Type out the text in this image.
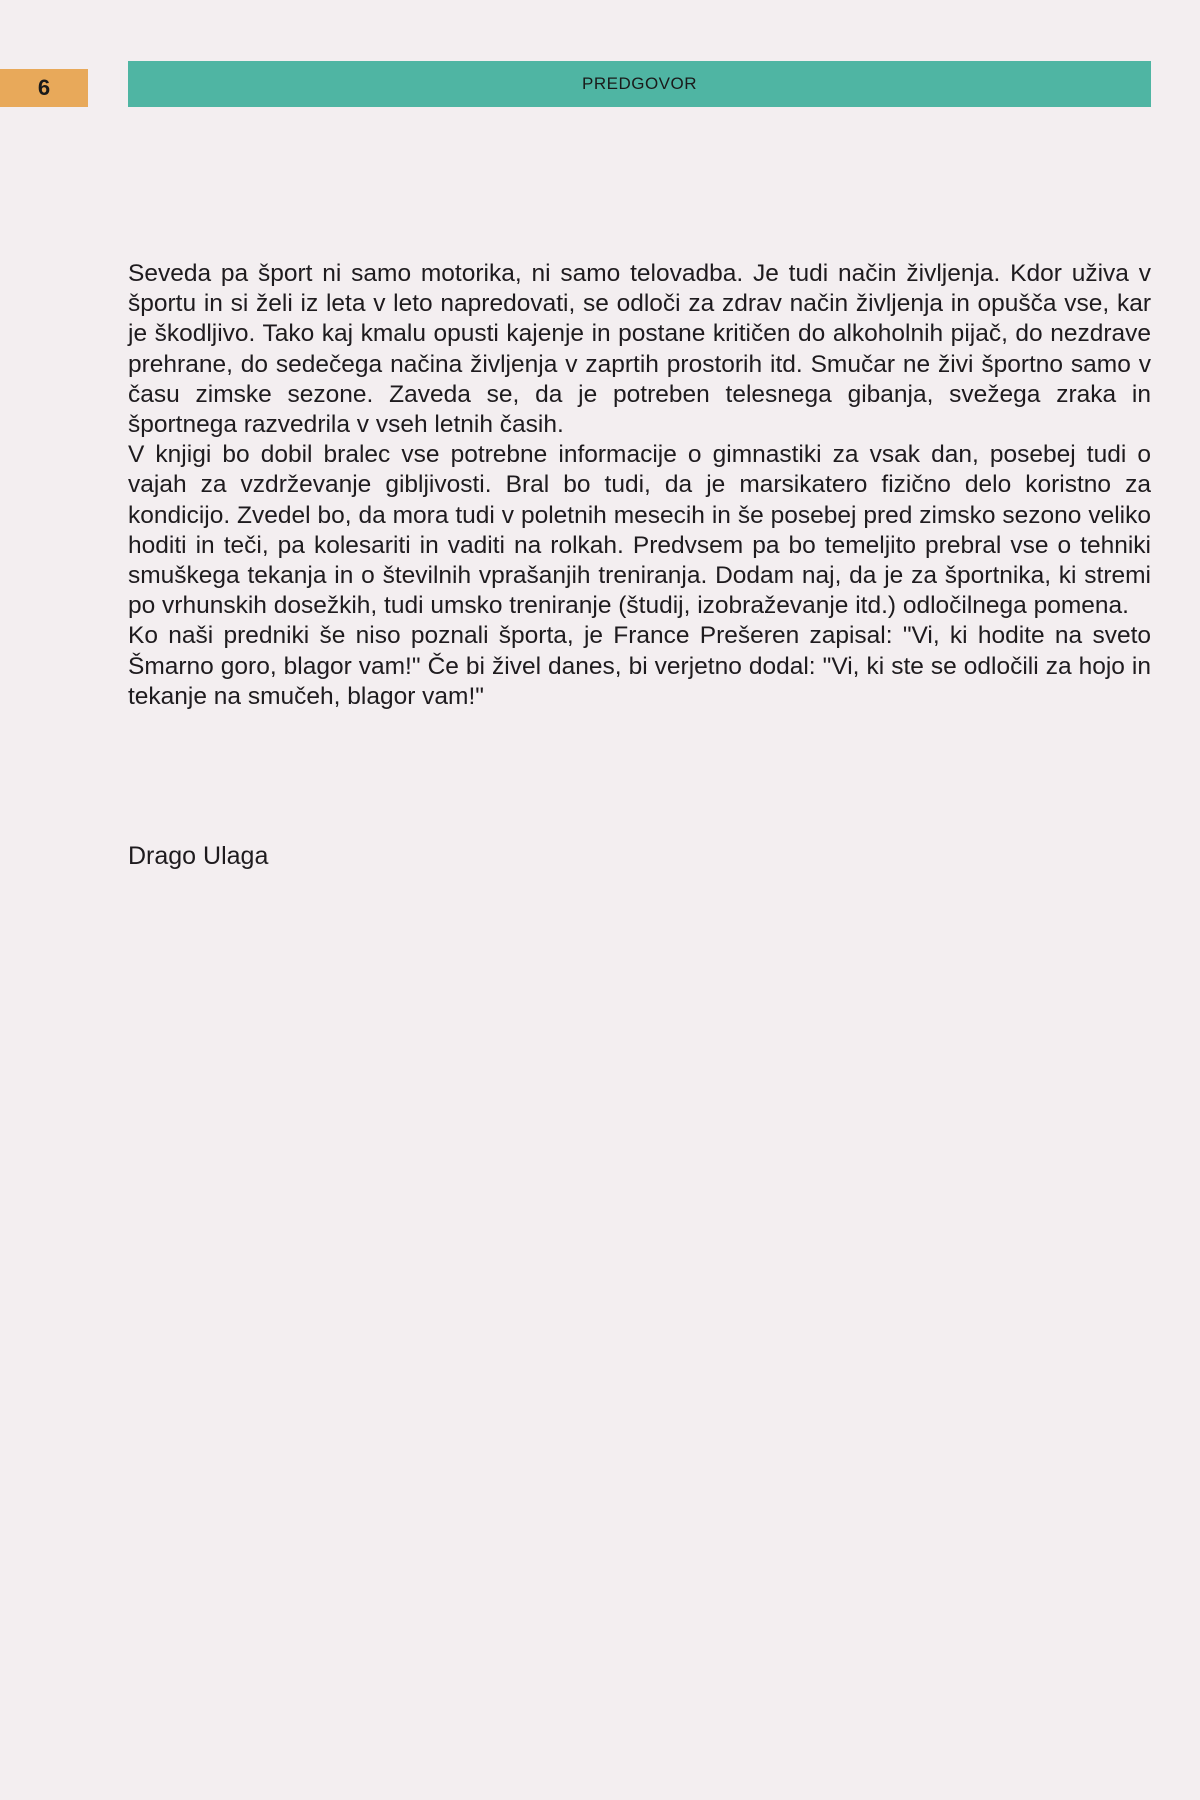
6	PREDGOVOR

Seveda pa šport ni samo motorika, ni samo telovadba. Je tudi način življenja. Kdor uživa v športu in si želi iz leta v leto napredovati, se odloči za zdrav način življenja in opušča vse, kar je škodljivo. Tako kaj kmalu opusti kajenje in postane kritičen do alkoholnih pijač, do nezdrave prehrane, do sedečega načina življenja v zaprtih prostorih itd. Smučar ne živi športno samo v času zimske sezone. Zaveda se, da je potreben telesnega gibanja, svežega zraka in športnega razvedrila v vseh letnih časih.

V knjigi bo dobil bralec vse potrebne informacije o gimnastiki za vsak dan, posebej tudi o vajah za vzdrževanje gibljivosti. Bral bo tudi, da je marsikatero fizično delo koristno za kondicijo. Zvedel bo, da mora tudi v poletnih mesecih in še posebej pred zimsko sezono veliko hoditi in teči, pa kolesariti in vaditi na rolkah. Predvsem pa bo temeljito prebral vse o tehniki smuškega tekanja in o številnih vprašanjih treniranja. Dodam naj, da je za športnika, ki stremi po vrhunskih dosežkih, tudi umsko treniranje (študij, izobraževanje itd.) odločilnega pomena.

Ko naši predniki še niso poznali športa, je France Prešeren zapisal: "Vi, ki hodite na sveto Šmarno goro, blagor vam!" Če bi živel danes, bi verjetno dodal: "Vi, ki ste se odločili za hojo in tekanje na smučeh, blagor vam!"

Drago Ulaga
